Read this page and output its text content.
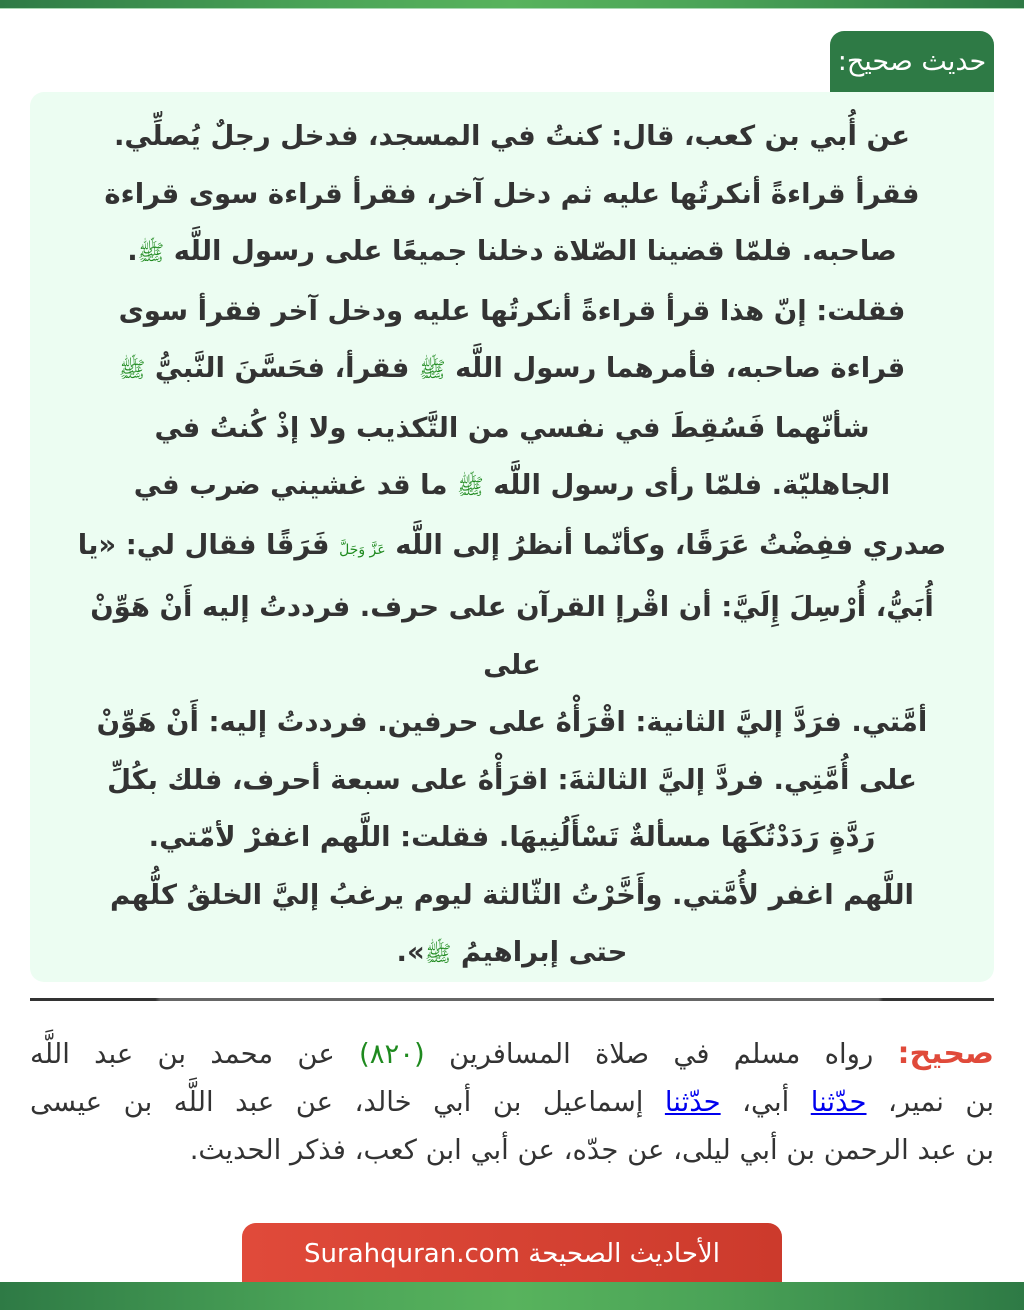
حديث صحيح:
عن أُبي بن كعب، قال: كنتُ في المسجد، فدخل رجلٌ يُصلِّي.
فقرأ قراءةً أنكرتُها عليه ثم دخل آخر، فقرأ قراءة سوى قراءة
صاحبه. فلمّا قضينا الصّلاة دخلنا جميعًا على رسول اللَّه ﷺ.
فقلت: إنّ هذا قرأ قراءةً أنكرتُها عليه ودخل آخر فقرأ سوى
قراءة صاحبه، فأمرهما رسول اللَّه ﷺ فقرأ، فحَسَّنَ النَّبيُّ ﷺ
شأنّهما فَسُقِطَ في نفسي من التَّكذيب ولا إذْ كُنتُ في
الجاهليّة. فلمّا رأى رسول اللَّه ﷺ ما قد غشيني ضرب في
صدري ففِضْتُ عَرَقًا، وكأنّما أنظرُ إلى اللَّه عَزَّ وَجَلَّ فَرَقًا فقال لي: «يا
أُبَيُّ، أُرْسِلَ إِلَيَّ: أن اقْرإ القرآن على حرف. فرددتُ إليه أَنْ هَوِّنْ
على
أمَّتي. فرَدَّ إليَّ الثانية: اقْرَأْهُ على حرفين. فرددتُ إليه: أَنْ هَوِّنْ
على أُمَّتِي. فردَّ إليَّ الثالثةَ: اقرَأْهُ على سبعة أحرف، فلك بكُلِّ
رَدَّةٍ رَدَدْتُكَهَا مسألةٌ تَسْأَلُنِيهَا. فقلت: اللَّهم اغفرْ لأمّتي.
اللَّهم اغفر لأُمَّتي. وأَخَّرْتُ الثّالثة ليوم يرغبُ إليَّ الخلقُ كلُّهم
حتى إبراهيمُ ﷺ».
صحيح: رواه مسلم في صلاة المسافرين (٨٢٠) عن محمد بن عبد اللَّه
بن نمير، حدّثنا أبي، حدّثنا إسماعيل بن أبي خالد، عن عبد اللَّه بن عيسى
بن عبد الرحمن بن أبي ليلى، عن جدّه، عن أبي ابن كعب، فذكر الحديث.
الأحاديث الصحيحة Surahquran.com
